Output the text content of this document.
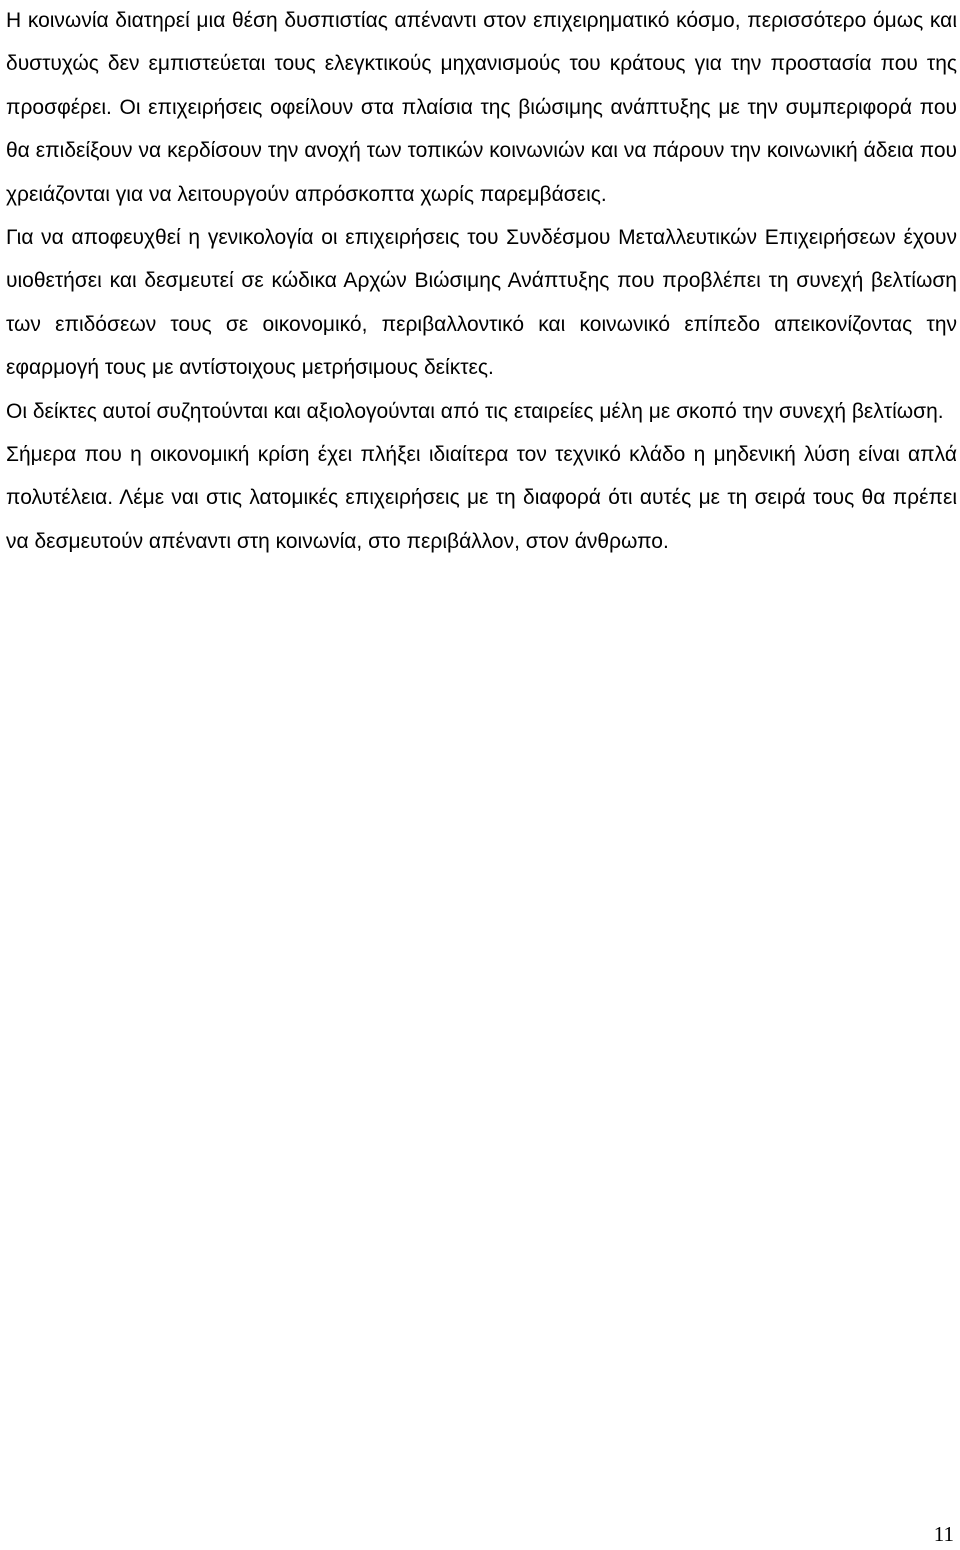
Η κοινωνία διατηρεί μια θέση δυσπιστίας απέναντι στον επιχειρηματικό κόσμο, περισσότερο όμως και δυστυχώς δεν εμπιστεύεται τους ελεγκτικούς μηχανισμούς του κράτους για την προστασία που της προσφέρει. Οι επιχειρήσεις οφείλουν στα πλαίσια της βιώσιμης ανάπτυξης με την συμπεριφορά που θα επιδείξουν να κερδίσουν την ανοχή των τοπικών κοινωνιών και να πάρουν την κοινωνική άδεια που χρειάζονται για να λειτουργούν απρόσκοπτα χωρίς παρεμβάσεις.

Για να αποφευχθεί η γενικολογία οι επιχειρήσεις του Συνδέσμου Μεταλλευτικών Επιχειρήσεων έχουν υιοθετήσει και δεσμευτεί σε κώδικα Αρχών Βιώσιμης Ανάπτυξης που προβλέπει τη συνεχή βελτίωση των επιδόσεων τους σε οικονομικό, περιβαλλοντικό και κοινωνικό επίπεδο απεικονίζοντας την εφαρμογή τους με αντίστοιχους μετρήσιμους δείκτες.

Οι δείκτες αυτοί συζητούνται και αξιολογούνται από τις εταιρείες μέλη με σκοπό την συνεχή βελτίωση.

Σήμερα που η οικονομική κρίση έχει πλήξει ιδιαίτερα τον τεχνικό κλάδο η μηδενική λύση είναι απλά πολυτέλεια. Λέμε ναι στις λατομικές επιχειρήσεις με τη διαφορά ότι αυτές με τη σειρά τους θα πρέπει να δεσμευτούν απέναντι στη κοινωνία, στο περιβάλλον, στον άνθρωπο.

11
